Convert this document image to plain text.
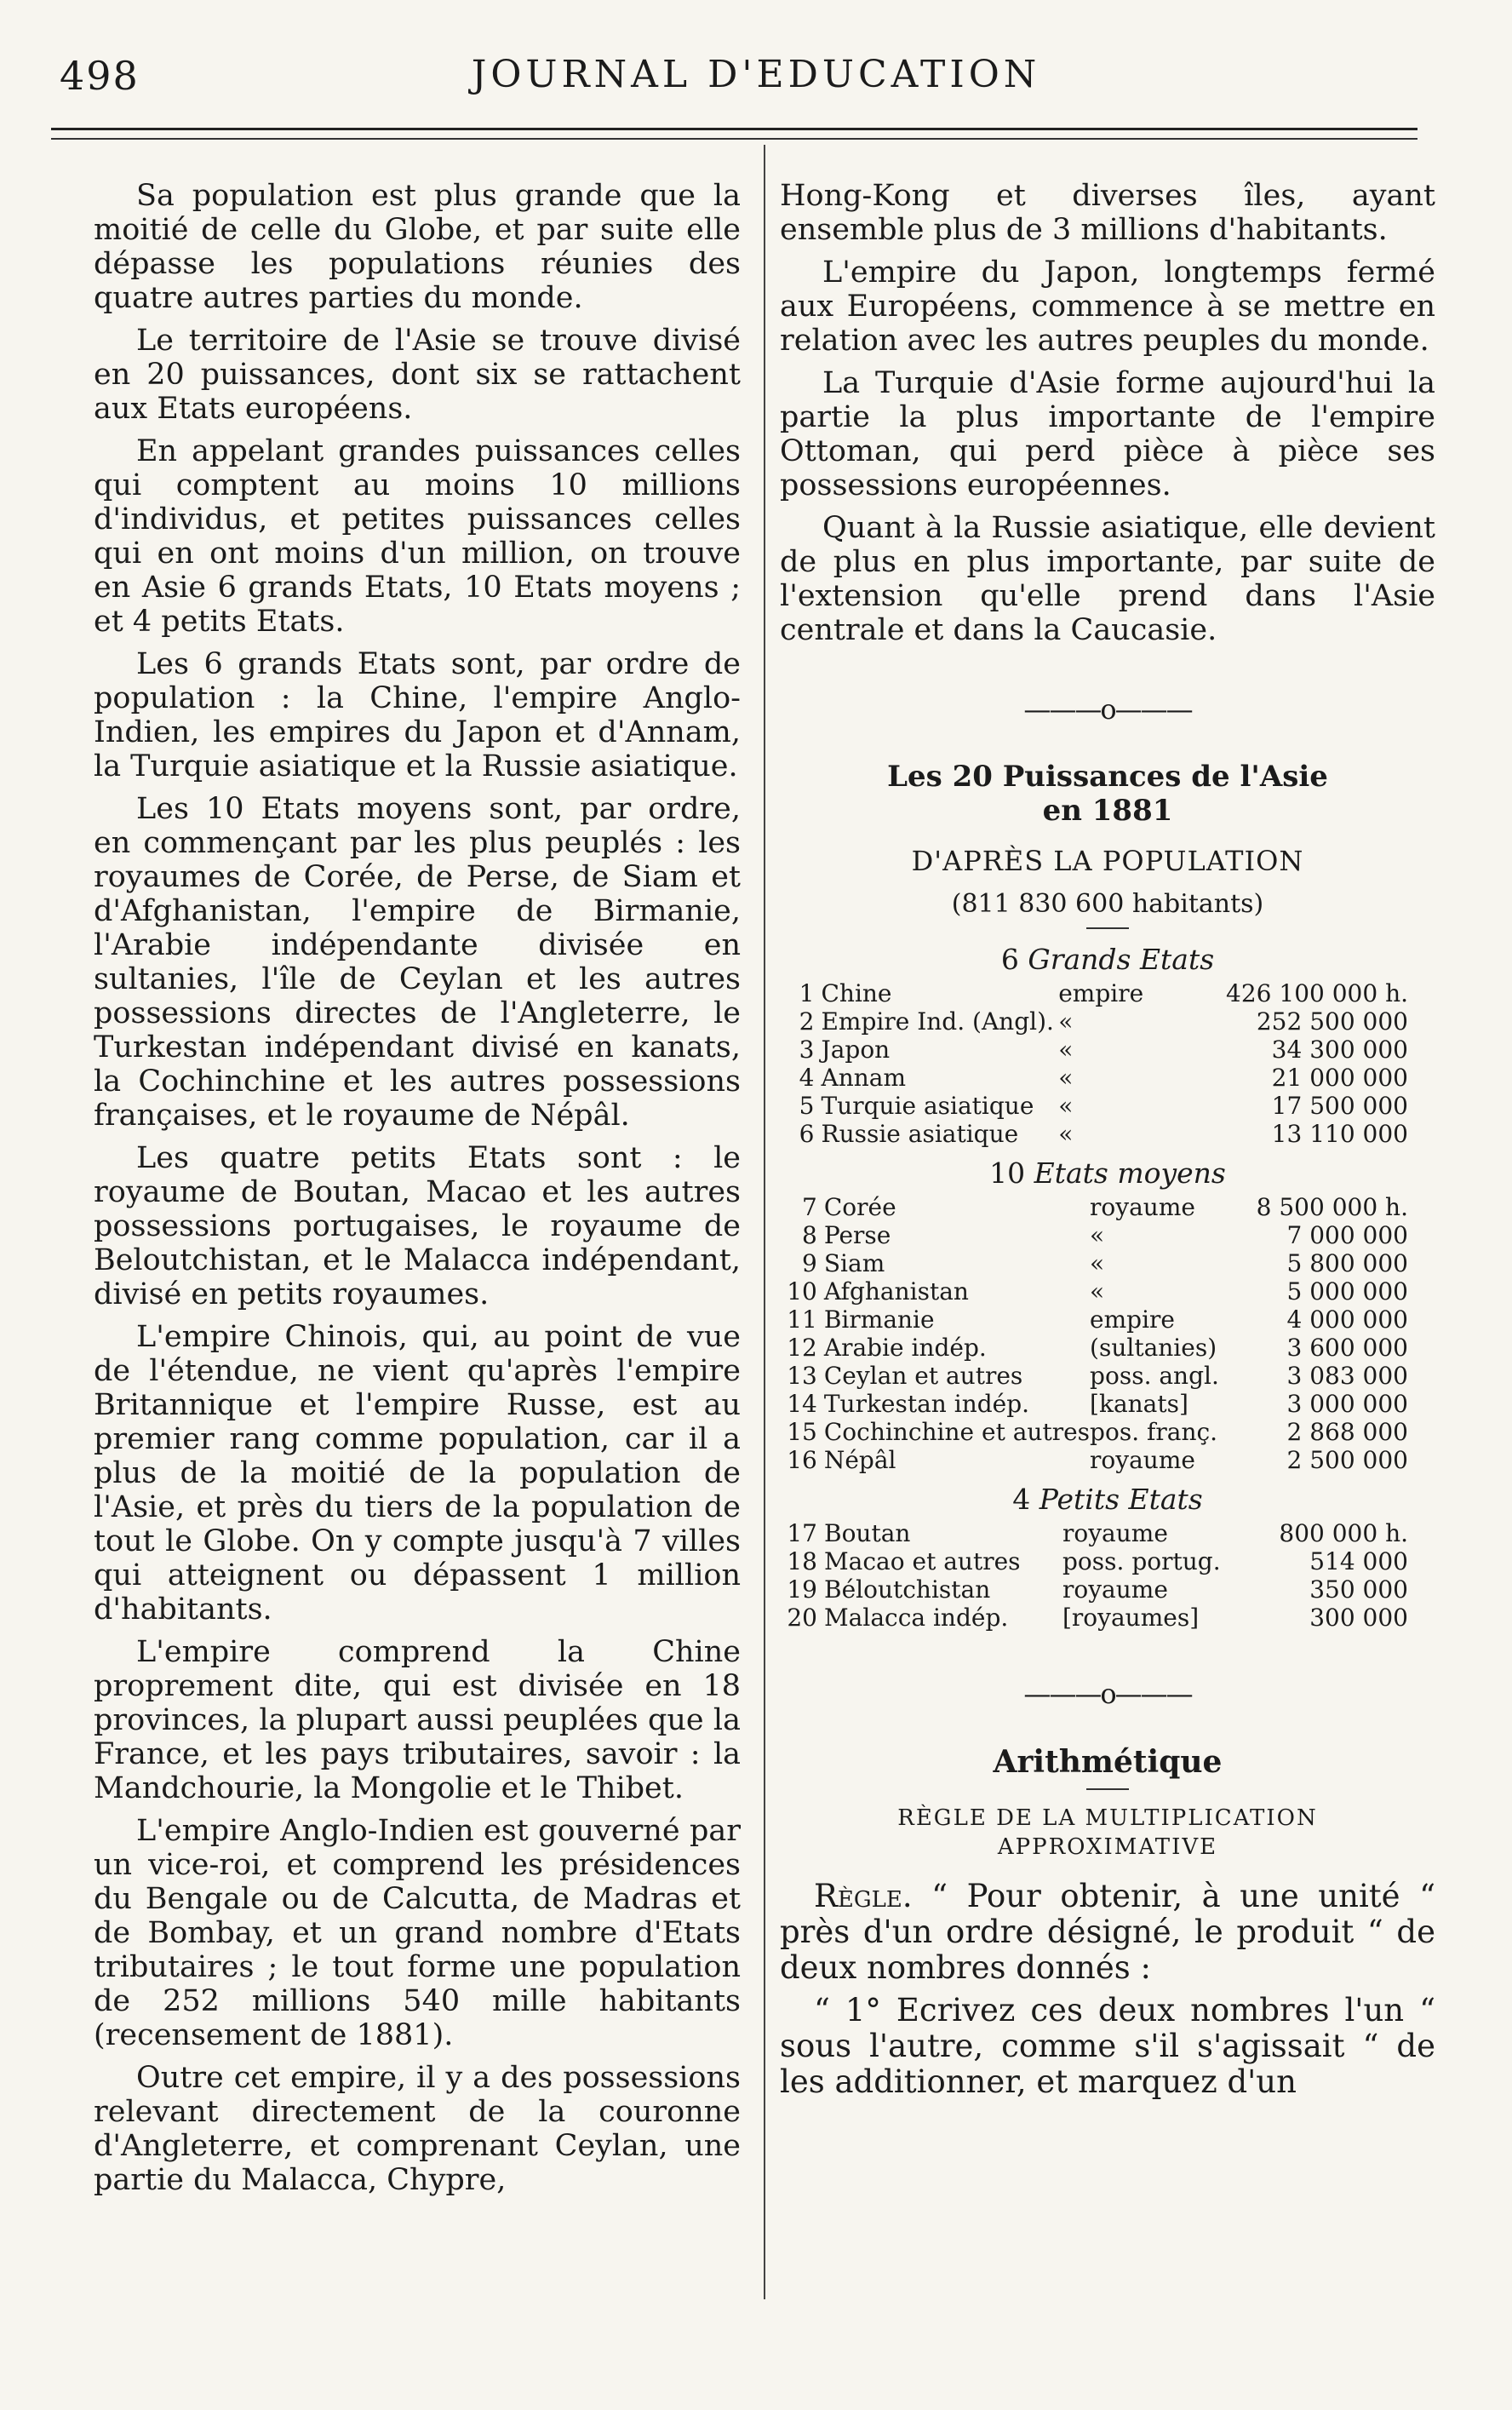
498	JOURNAL D'EDUCATION

Sa population est plus grande que la moitié de celle du Globe, et par suite elle dépasse les populations réunies des quatre autres parties du monde.

Le territoire de l'Asie se trouve divisé en 20 puissances, dont six se rattachent aux Etats européens.

En appelant grandes puissances celles qui comptent au moins 10 millions d'individus, et petites puissances celles qui en ont moins d'un million, on trouve en Asie 6 grands Etats, 10 Etats moyens ; et 4 petits Etats.

Les 6 grands Etats sont, par ordre de population : la Chine, l'empire Anglo-Indien, les empires du Japon et d'Annam, la Turquie asiatique et la Russie asiatique.

Les 10 Etats moyens sont, par ordre, en commençant par les plus peuplés : les royaumes de Corée, de Perse, de Siam et d'Afghanistan, l'empire de Birmanie, l'Arabie indépendante divisée en sultanies, l'île de Ceylan et les autres possessions directes de l'Angleterre, le Turkestan indépendant divisé en kanats, la Cochinchine et les autres possessions françaises, et le royaume de Népâl.

Les quatre petits Etats sont : le royaume de Boutan, Macao et les autres possessions portugaises, le royaume de Beloutchistan, et le Malacca indépendant, divisé en petits royaumes.

L'empire Chinois, qui, au point de vue de l'étendue, ne vient qu'après l'empire Britannique et l'empire Russe, est au premier rang comme population, car il a plus de la moitié de la population de l'Asie, et près du tiers de la population de tout le Globe. On y compte jusqu'à 7 villes qui atteignent ou dépassent 1 million d'habitants.

L'empire comprend la Chine proprement dite, qui est divisée en 18 provinces, la plupart aussi peuplées que la France, et les pays tributaires, savoir : la Mandchourie, la Mongolie et le Thibet.

L'empire Anglo-Indien est gouverné par un vice-roi, et comprend les présidences du Bengale ou de Calcutta, de Madras et de Bombay, et un grand nombre d'Etats tributaires ; le tout forme une population de 252 millions 540 mille habitants (recensement de 1881).

Outre cet empire, il y a des possessions relevant directement de la couronne d'Angleterre, et comprenant Ceylan, une partie du Malacca, Chypre,

Hong-Kong et diverses îles, ayant ensemble plus de 3 millions d'habitants.

L'empire du Japon, longtemps fermé aux Européens, commence à se mettre en relation avec les autres peuples du monde.

La Turquie d'Asie forme aujourd'hui la partie la plus importante de l'empire Ottoman, qui perd pièce à pièce ses possessions européennes.

Quant à la Russie asiatique, elle devient de plus en plus importante, par suite de l'extension qu'elle prend dans l'Asie centrale et dans la Caucasie.

———o———

Les 20 Puissances de l'Asie

en 1881

D'APRÈS LA POPULATION

(811 830 600 habitants)

6 Grands Etats
1	Chine	empire	426 100 000 h.
2	Empire Ind. (Angl).	«	252 500 000
3	Japon	«	34 300 000
4	Annam	«	21 000 000
5	Turquie asiatique	«	17 500 000
6	Russie asiatique	«	13 110 000
10 Etats moyens
7	Corée	royaume	8 500 000 h.
8	Perse	«	7 000 000
9	Siam	«	5 800 000
10	Afghanistan	«	5 000 000
11	Birmanie	empire	4 000 000
12	Arabie indép.	(sultanies)	3 600 000
13	Ceylan et autres	poss. angl.	3 083 000
14	Turkestan indép.	[kanats]	3 000 000
15	Cochinchine et autres	pos. franç.	2 868 000
16	Népâl	royaume	2 500 000
4 Petits Etats
17	Boutan	royaume	800 000 h.
18	Macao et autres	poss. portug.	514 000
19	Béloutchistan	royaume	350 000
20	Malacca indép.	[royaumes]	300 000
———o———

Arithmétique

RÈGLE DE LA MULTIPLICATION APPROXIMATIVE

Règle. “ Pour obtenir, à une unité “ près d'un ordre désigné, le produit “ de deux nombres donnés :

“ 1° Ecrivez ces deux nombres l'un “ sous l'autre, comme s'il s'agissait “ de les additionner, et marquez d'un
